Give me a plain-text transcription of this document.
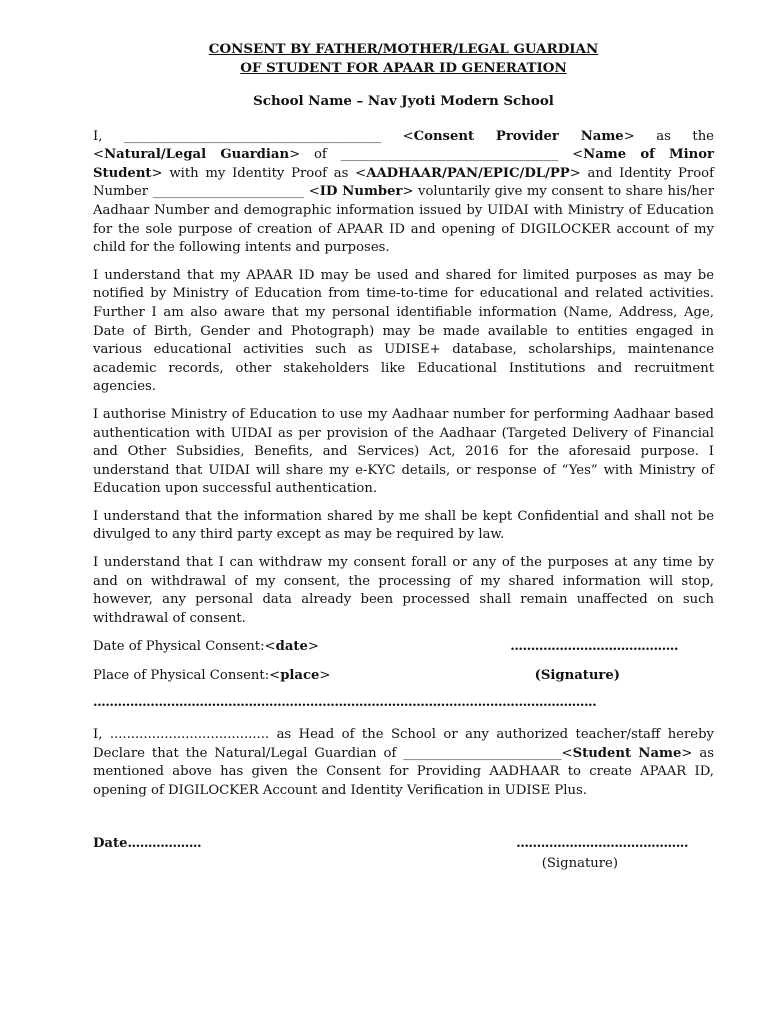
CONSENT BY FATHER/MOTHER/LEGAL GUARDIAN
OF STUDENT FOR APAAR ID GENERATION
School Name – Nav Jyoti Modern School

I, _______________________________________ <Consent Provider Name> as the <Natural/Legal Guardian> of _________________________________ <Name of Minor Student> with my Identity Proof as <AADHAAR/PAN/EPIC/DL/PP> and Identity Proof Number _______________________ <ID Number> voluntarily give my consent to share his/her Aadhaar Number and demographic information issued by UIDAI with Ministry of Education for the sole purpose of creation of APAAR ID and opening of DIGILOCKER account of my child for the following intents and purposes.

I understand that my APAAR ID may be used and shared for limited purposes as may be notified by Ministry of Education from time-to-time for educational and related activities. Further I am also aware that my personal identifiable information (Name, Address, Age, Date of Birth, Gender and Photograph) may be made available to entities engaged in various educational activities such as UDISE+ database, scholarships, maintenance academic records, other stakeholders like Educational Institutions and recruitment agencies.

I authorise Ministry of Education to use my Aadhaar number for performing Aadhaar based authentication with UIDAI as per provision of the Aadhaar (Targeted Delivery of Financial and Other Subsidies, Benefits, and Services) Act, 2016 for the aforesaid purpose. I understand that UIDAI will share my e-KYC details, or response of “Yes” with Ministry of Education upon successful authentication.

I understand that the information shared by me shall be kept Confidential and shall not be divulged to any third party except as may be required by law.

I understand that I can withdraw my consent forall or any of the purposes at any time by and on withdrawal of my consent, the processing of my shared information will stop, however, any personal data already been processed shall remain unaffected on such withdrawal of consent.

Date of Physical Consent:<date>	.........................................
Place of Physical Consent:<place>	(Signature)
...........................................................................................................................

I, ...................................... as Head of the School or any authorized teacher/staff hereby Declare that the Natural/Legal Guardian of ________________________<Student Name> as mentioned above has given the Consent for Providing AADHAAR to create APAAR ID, opening of DIGILOCKER Account and Identity Verification in UDISE Plus.

Date..................	..........................................
(Signature)
